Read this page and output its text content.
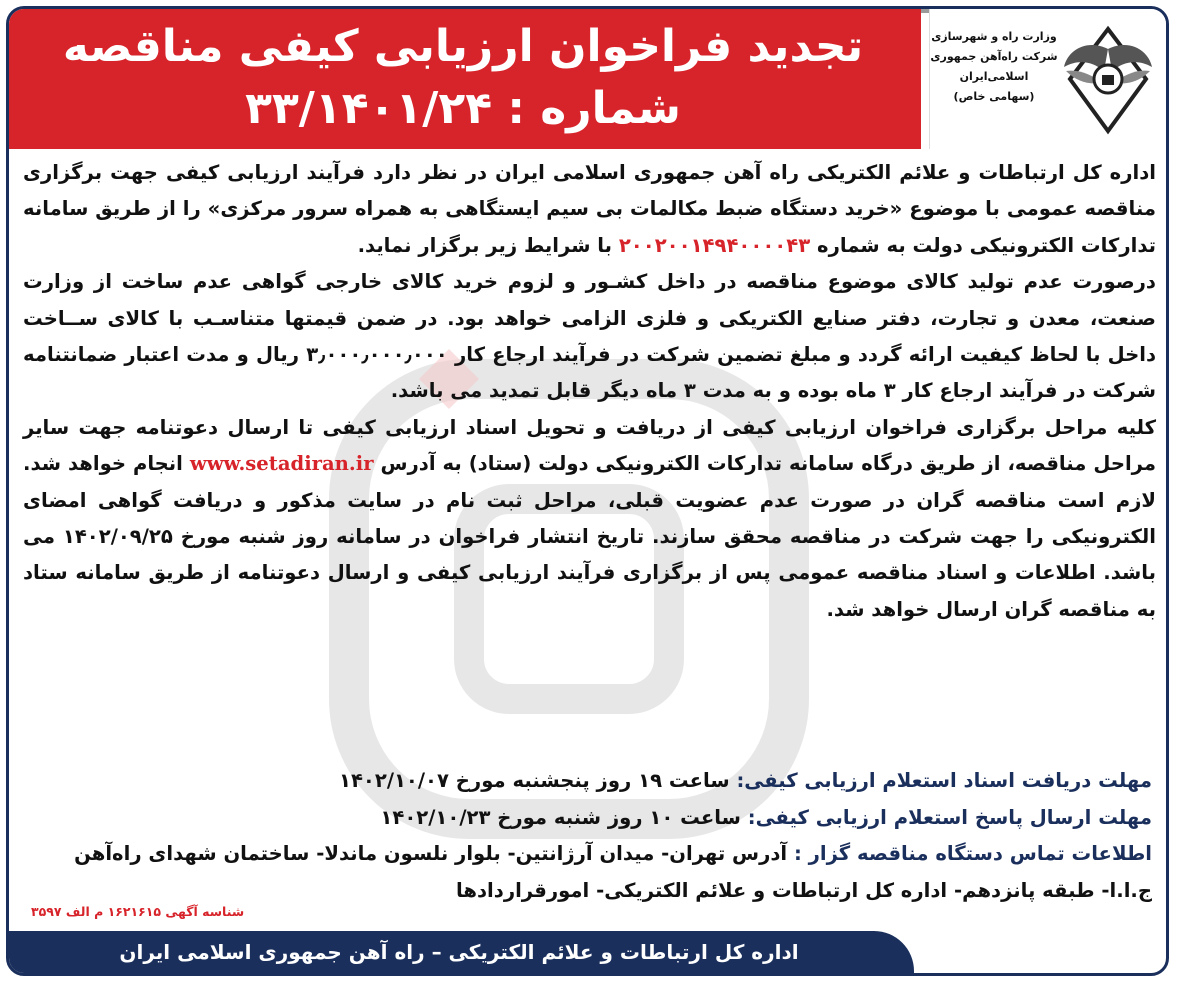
تجدید فراخوان ارزیابی کیفی مناقصه
شماره : ۳۳/۱۴۰۱/۲۴
وزارت راه و شهرسازی
شرکت راه‌آهن جمهوری
اسلامی‌ایران
(سهامی خاص)

اداره کل ارتباطات و علائم الکتریکی راه آهن جمهوری اسلامی ایران در نظر دارد فرآیند ارزیابی کیفی جهت برگزاری مناقصه عمومی با موضوع «خرید دستگاه ضبط مکالمات بی سیم ایستگاهی به همراه سرور مرکزی» را از طریق سامانه تدارکات الکترونیکی دولت به شماره ۲۰۰۲۰۰۱۴۹۴۰۰۰۰۴۳ با شرایط زیر برگزار نماید.

درصورت عدم تولید کالای موضوع مناقصه در داخل کشـور و لزوم خرید کالای خارجی گواهی عدم ساخت از وزارت صنعت، معدن و تجارت، دفتر صنایع الکتریکی و فلزی الزامی خواهد بود. در ضمن قیمتها متناسـب با کالای ســاخت داخل با لحاظ کیفیت ارائه گردد و مبلغ تضمین شرکت در فرآیند ارجاع کار ۳٫۰۰۰٫۰۰۰٫۰۰۰ ریال و مدت اعتبار ضمانتنامه شرکت در فرآیند ارجاع کار ۳ ماه بوده و به مدت ۳ ماه دیگر قابل تمدید می باشد.

کلیه مراحل برگزاری فراخوان ارزیابی کیفی از دریافت و تحویل اسناد ارزیابی کیفی تا ارسال دعوتنامه جهت سایر مراحل مناقصه، از طریق درگاه سامانه تدارکات الکترونیکی دولت (ستاد) به آدرس www.setadiran.ir انجام خواهد شد. لازم است مناقصه گران در صورت عدم عضویت قبلی، مراحل ثبت نام در سایت مذکور و دریافت گواهی امضای الکترونیکی را جهت شرکت در مناقصه محقق سازند. تاریخ انتشار فراخوان در سامانه روز شنبه مورخ ۱۴۰۲/۰۹/۲۵ می باشد. اطلاعات و اسناد مناقصه عمومی پس از برگزاری فرآیند ارزیابی کیفی و ارسال دعوتنامه از طریق سامانه ستاد به مناقصه گران ارسال خواهد شد.

مهلت دریافت اسناد استعلام ارزیابی کیفی: ساعت ۱۹ روز پنجشنبه مورخ ۱۴۰۲/۱۰/۰۷
مهلت ارسال پاسخ استعلام ارزیابی کیفی: ساعت ۱۰ روز شنبه مورخ ۱۴۰۲/۱۰/۲۳
اطلاعات تماس دستگاه مناقصه گزار : آدرس تهران- میدان آرژانتین- بلوار نلسون ماندلا- ساختمان شهدای راه‌آهن
ج.ا.ا- طبقه پانزدهم- اداره کل ارتباطات و علائم الکتریکی- امورقراردادها
شناسه آگهی ۱۶۲۱۶۱۵ م الف ۳۵۹۷
اداره کل ارتباطات و علائم الکتریکی – راه آهن جمهوری اسلامی ایران
